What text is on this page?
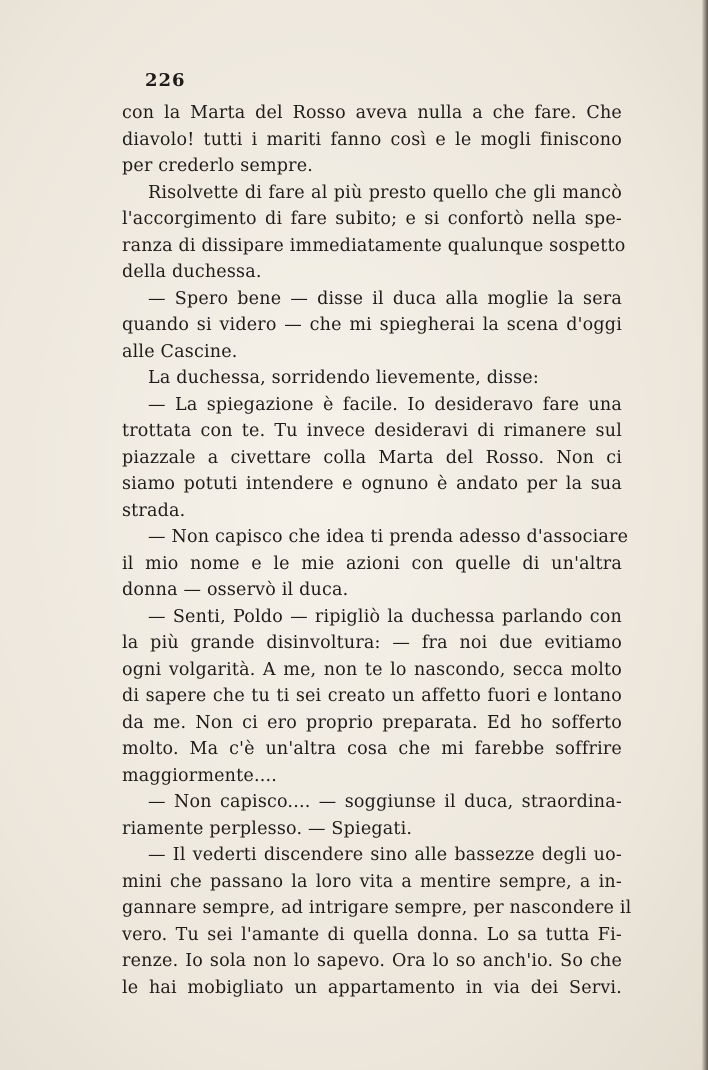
226
con la Marta del Rosso aveva nulla a che fare. Che
diavolo! tutti i mariti fanno così e le mogli finiscono
per crederlo sempre.
Risolvette di fare al più presto quello che gli mancò
l'accorgimento di fare subito; e si confortò nella spe-
ranza di dissipare immediatamente qualunque sospetto
della duchessa.
— Spero bene — disse il duca alla moglie la sera
quando si videro — che mi spiegherai la scena d'oggi
alle Cascine.
La duchessa, sorridendo lievemente, disse:
— La spiegazione è facile. Io desideravo fare una
trottata con te. Tu invece desideravi di rimanere sul
piazzale a civettare colla Marta del Rosso. Non ci
siamo potuti intendere e ognuno è andato per la sua
strada.
— Non capisco che idea ti prenda adesso d'associare
il mio nome e le mie azioni con quelle di un'altra
donna — osservò il duca.
— Senti, Poldo — ripigliò la duchessa parlando con
la più grande disinvoltura: — fra noi due evitiamo
ogni volgarità. A me, non te lo nascondo, secca molto
di sapere che tu ti sei creato un affetto fuori e lontano
da me. Non ci ero proprio preparata. Ed ho sofferto
molto. Ma c'è un'altra cosa che mi farebbe soffrire
maggiormente....
— Non capisco.... — soggiunse il duca, straordina-
riamente perplesso. — Spiegati.
— Il vederti discendere sino alle bassezze degli uo-
mini che passano la loro vita a mentire sempre, a in-
gannare sempre, ad intrigare sempre, per nascondere il
vero. Tu sei l'amante di quella donna. Lo sa tutta Fi-
renze. Io sola non lo sapevo. Ora lo so anch'io. So che
le hai mobigliato un appartamento in via dei Servi.
